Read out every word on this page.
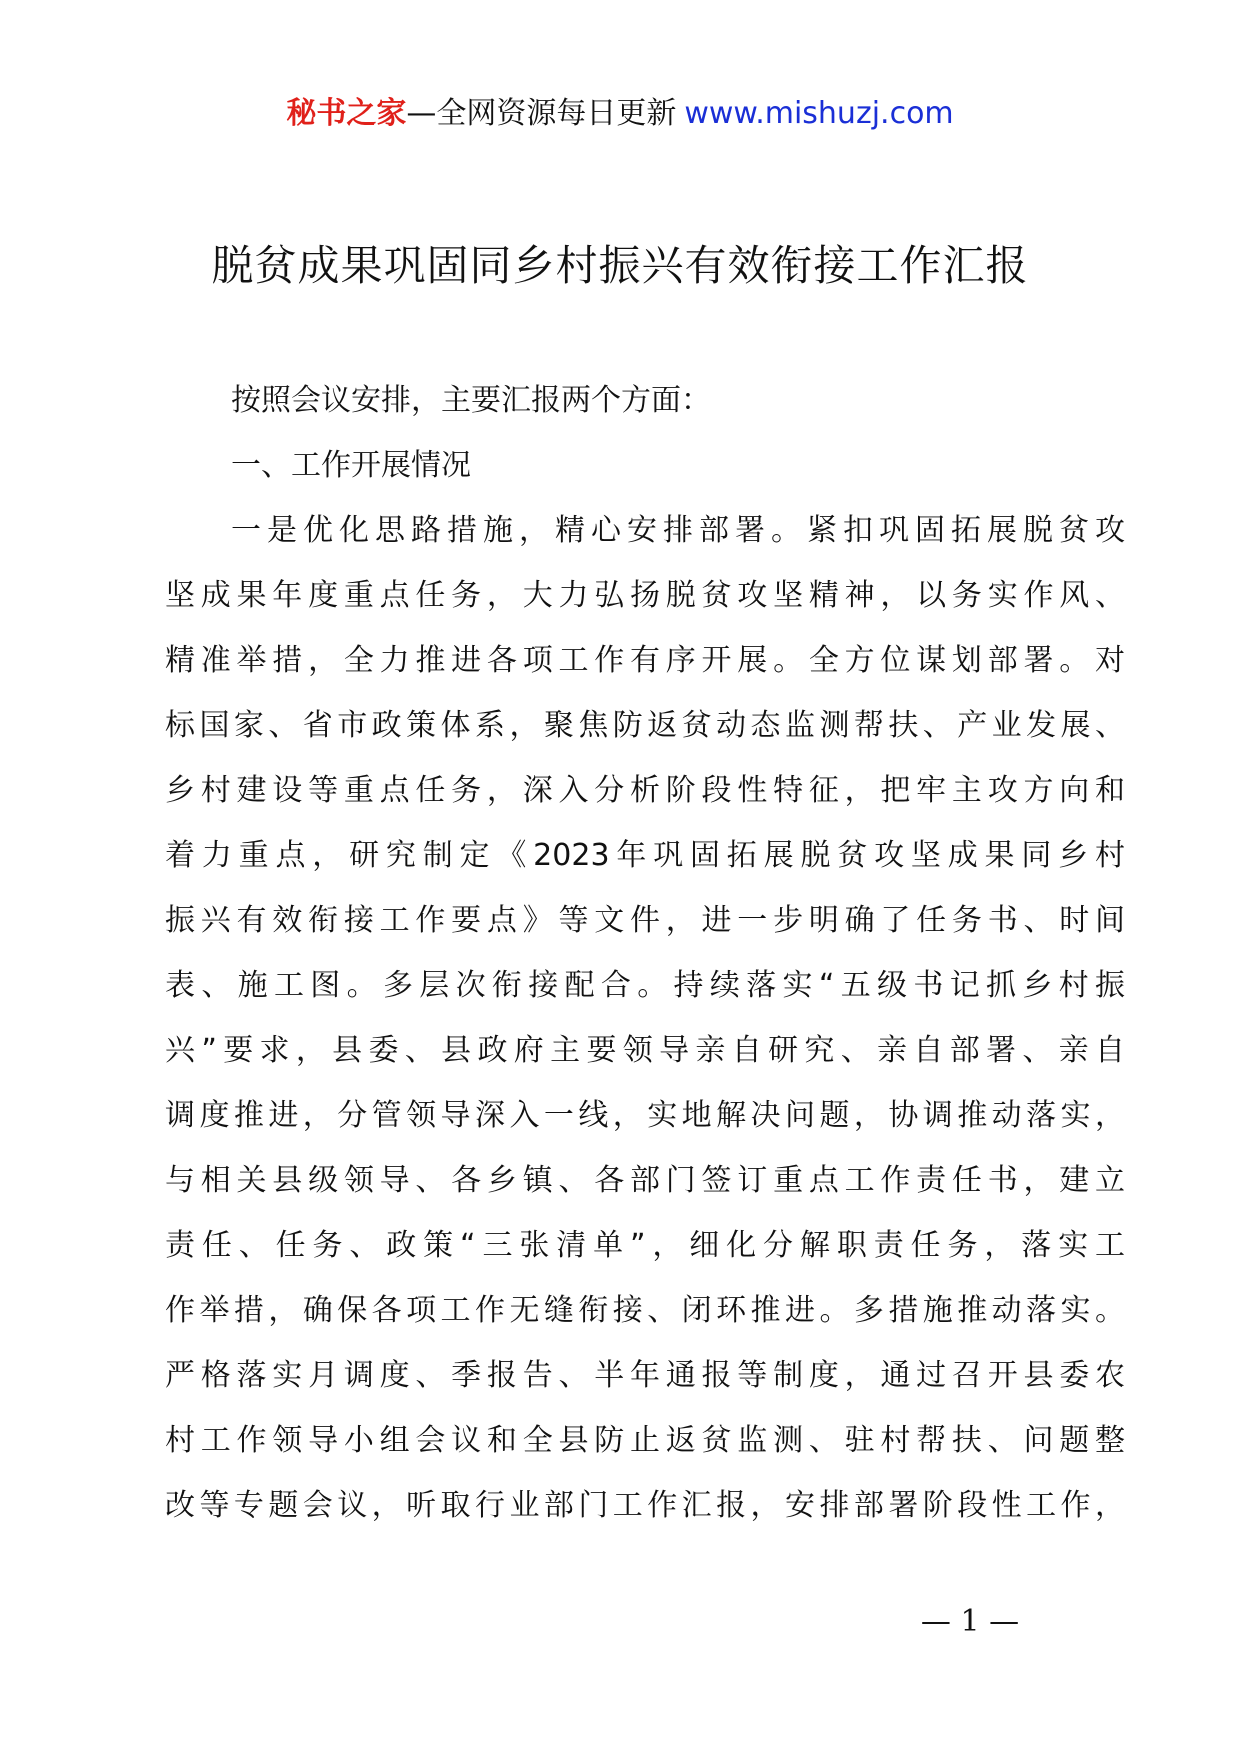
秘书之家—全网资源每日更新 www.mishuzj.com
脱贫成果巩固同乡村振兴有效衔接工作汇报
按照会议安排，主要汇报两个方面：
一、工作开展情况
一是优化思路措施，精心安排部署。紧扣巩固拓展脱贫攻
坚成果年度重点任务，大力弘扬脱贫攻坚精神，以务实作风、
精准举措，全力推进各项工作有序开展。全方位谋划部署。对
标国家、省市政策体系，聚焦防返贫动态监测帮扶、产业发展、
乡村建设等重点任务，深入分析阶段性特征，把牢主攻方向和
着力重点，研究制定《2023年巩固拓展脱贫攻坚成果同乡村
振兴有效衔接工作要点》等文件，进一步明确了任务书、时间
表、施工图。多层次衔接配合。持续落实“五级书记抓乡村振
兴”要求，县委、县政府主要领导亲自研究、亲自部署、亲自
调度推进，分管领导深入一线，实地解决问题，协调推动落实，
与相关县级领导、各乡镇、各部门签订重点工作责任书，建立
责任、任务、政策“三张清单”，细化分解职责任务，落实工
作举措，确保各项工作无缝衔接、闭环推进。多措施推动落实。
严格落实月调度、季报告、半年通报等制度，通过召开县委农
村工作领导小组会议和全县防止返贫监测、驻村帮扶、问题整
改等专题会议，听取行业部门工作汇报，安排部署阶段性工作，
— 1 —
